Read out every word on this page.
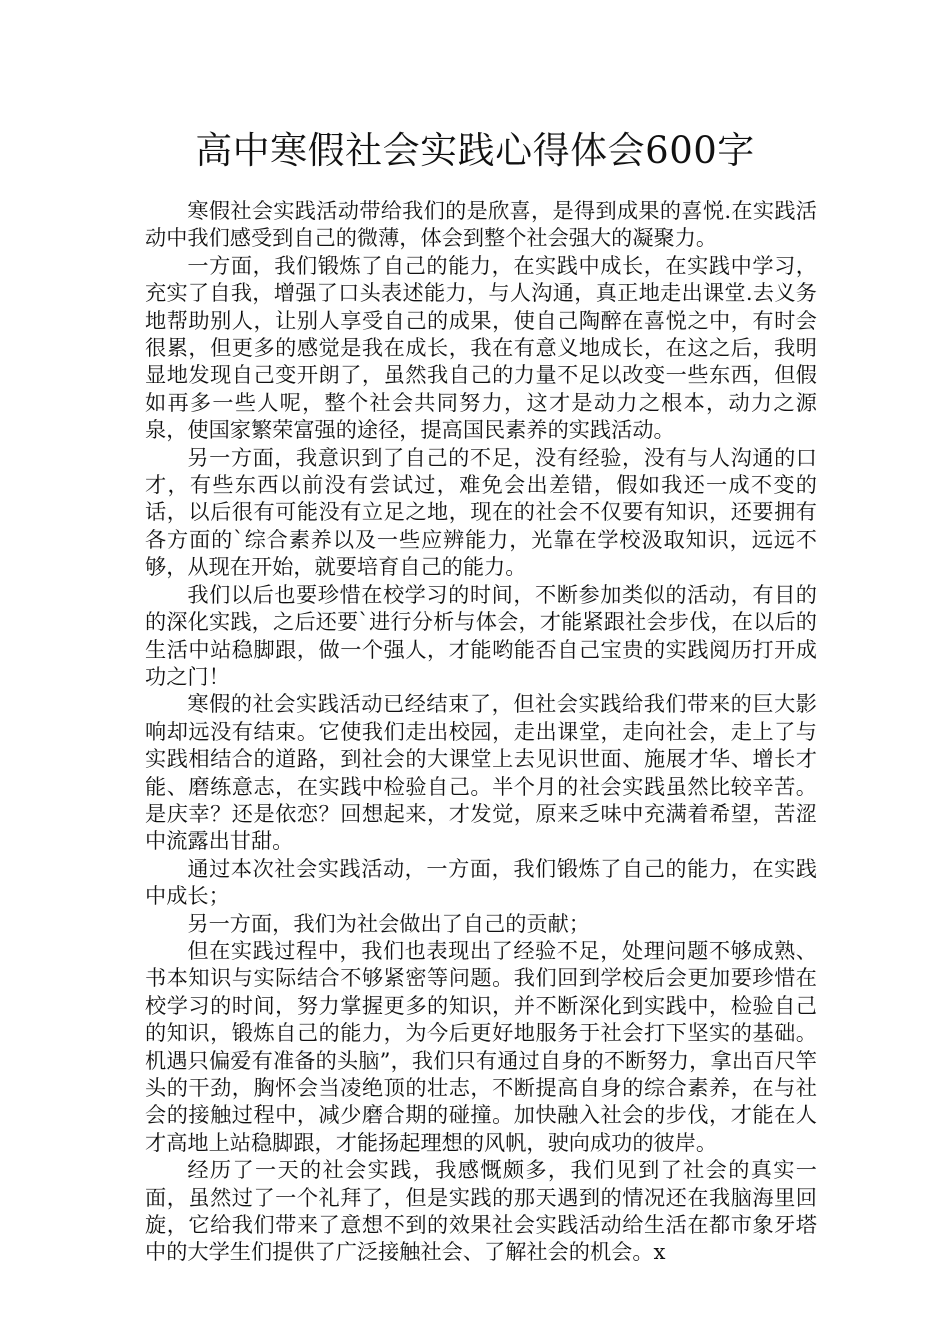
高中寒假社会实践心得体会600字

寒假社会实践活动带给我们的是欣喜，是得到成果的喜悦.在实践活动中我们感受到自己的微薄，体会到整个社会强大的凝聚力。

一方面，我们锻炼了自己的能力，在实践中成长，在实践中学习，充实了自我，增强了口头表述能力，与人沟通，真正地走出课堂.去义务地帮助别人，让别人享受自己的成果，使自己陶醉在喜悦之中，有时会很累，但更多的感觉是我在成长，我在有意义地成长，在这之后，我明显地发现自己变开朗了，虽然我自己的力量不足以改变一些东西，但假如再多一些人呢，整个社会共同努力，这才是动力之根本，动力之源泉，使国家繁荣富强的途径，提高国民素养的实践活动。

另一方面，我意识到了自己的不足，没有经验，没有与人沟通的口才，有些东西以前没有尝试过，难免会出差错，假如我还一成不变的话，以后很有可能没有立足之地，现在的社会不仅要有知识，还要拥有各方面的`综合素养以及一些应辨能力，光靠在学校汲取知识，远远不够，从现在开始，就要培育自己的能力。

我们以后也要珍惜在校学习的时间，不断参加类似的活动，有目的的深化实践，之后还要`进行分析与体会，才能紧跟社会步伐，在以后的生活中站稳脚跟，做一个强人，才能哟能否自己宝贵的实践阅历打开成功之门！

寒假的社会实践活动已经结束了，但社会实践给我们带来的巨大影响却远没有结束。它使我们走出校园，走出课堂，走向社会，走上了与实践相结合的道路，到社会的大课堂上去见识世面、施展才华、增长才能、磨练意志，在实践中检验自己。半个月的社会实践虽然比较辛苦。是庆幸？还是依恋？回想起来，才发觉，原来乏味中充满着希望，苦涩中流露出甘甜。

通过本次社会实践活动，一方面，我们锻炼了自己的能力，在实践中成长；

另一方面，我们为社会做出了自己的贡献；

但在实践过程中，我们也表现出了经验不足，处理问题不够成熟、书本知识与实际结合不够紧密等问题。我们回到学校后会更加要珍惜在校学习的时间，努力掌握更多的知识，并不断深化到实践中，检验自己的知识，锻炼自己的能力，为今后更好地服务于社会打下坚实的基础。机遇只偏爱有准备的头脑”，我们只有通过自身的不断努力，拿出百尺竿头的干劲，胸怀会当凌绝顶的壮志，不断提高自身的综合素养，在与社会的接触过程中，减少磨合期的碰撞。加快融入社会的步伐，才能在人才高地上站稳脚跟，才能扬起理想的风帆，驶向成功的彼岸。

经历了一天的社会实践，我感慨颇多，我们见到了社会的真实一面，虽然过了一个礼拜了，但是实践的那天遇到的情况还在我脑海里回旋，它给我们带来了意想不到的效果社会实践活动给生活在都市象牙塔中的大学生们提供了广泛接触社会、了解社会的机会。x
